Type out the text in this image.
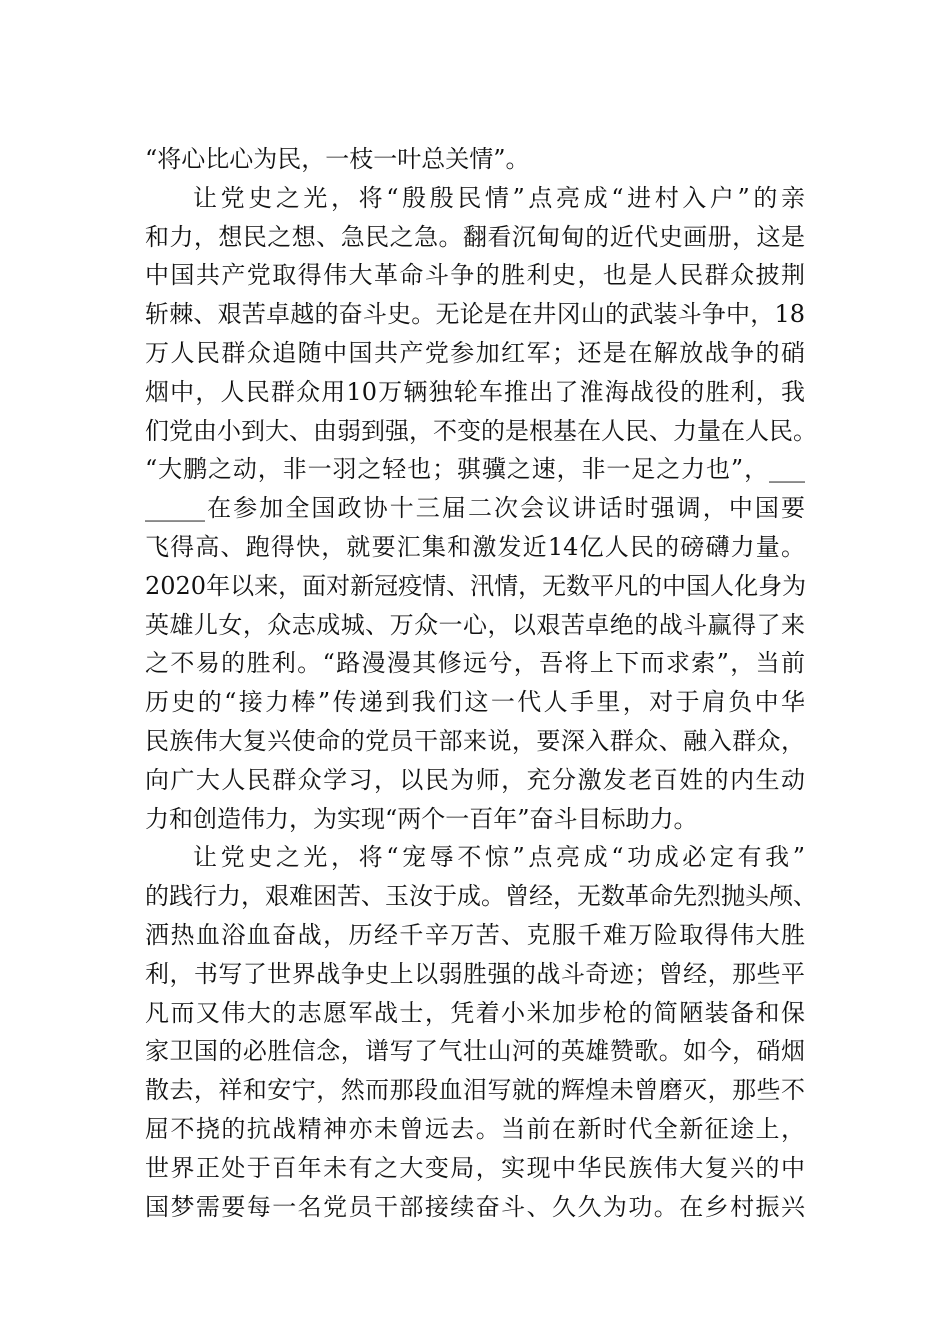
“将心比心为民，一枝一叶总关情”。
让党史之光，将“殷殷民情”点亮成“进村入户”的亲
和力，想民之想、急民之急。翻看沉甸甸的近代史画册，这是
中国共产党取得伟大革命斗争的胜利史，也是人民群众披荆
斩棘、艰苦卓越的奋斗史。无论是在井冈山的武装斗争中，18
万人民群众追随中国共产党参加红军；还是在解放战争的硝
烟中，人民群众用10万辆独轮车推出了淮海战役的胜利，我
们党由小到大、由弱到强，不变的是根基在人民、力量在人民。
“大鹏之动，非一羽之轻也；骐骥之速，非一足之力也”，___
_____在参加全国政协十三届二次会议讲话时强调，中国要
飞得高、跑得快，就要汇集和激发近14亿人民的磅礴力量。
2020年以来，面对新冠疫情、汛情，无数平凡的中国人化身为
英雄儿女，众志成城、万众一心，以艰苦卓绝的战斗赢得了来
之不易的胜利。“路漫漫其修远兮，吾将上下而求索”，当前
历史的“接力棒”传递到我们这一代人手里，对于肩负中华
民族伟大复兴使命的党员干部来说，要深入群众、融入群众，
向广大人民群众学习，以民为师，充分激发老百姓的内生动
力和创造伟力，为实现“两个一百年”奋斗目标助力。
让党史之光，将“宠辱不惊”点亮成“功成必定有我”
的践行力，艰难困苦、玉汝于成。曾经，无数革命先烈抛头颅、
洒热血浴血奋战，历经千辛万苦、克服千难万险取得伟大胜
利，书写了世界战争史上以弱胜强的战斗奇迹；曾经，那些平
凡而又伟大的志愿军战士，凭着小米加步枪的简陋装备和保
家卫国的必胜信念，谱写了气壮山河的英雄赞歌。如今，硝烟
散去，祥和安宁，然而那段血泪写就的辉煌未曾磨灭，那些不
屈不挠的抗战精神亦未曾远去。当前在新时代全新征途上，
世界正处于百年未有之大变局，实现中华民族伟大复兴的中
国梦需要每一名党员干部接续奋斗、久久为功。在乡村振兴
